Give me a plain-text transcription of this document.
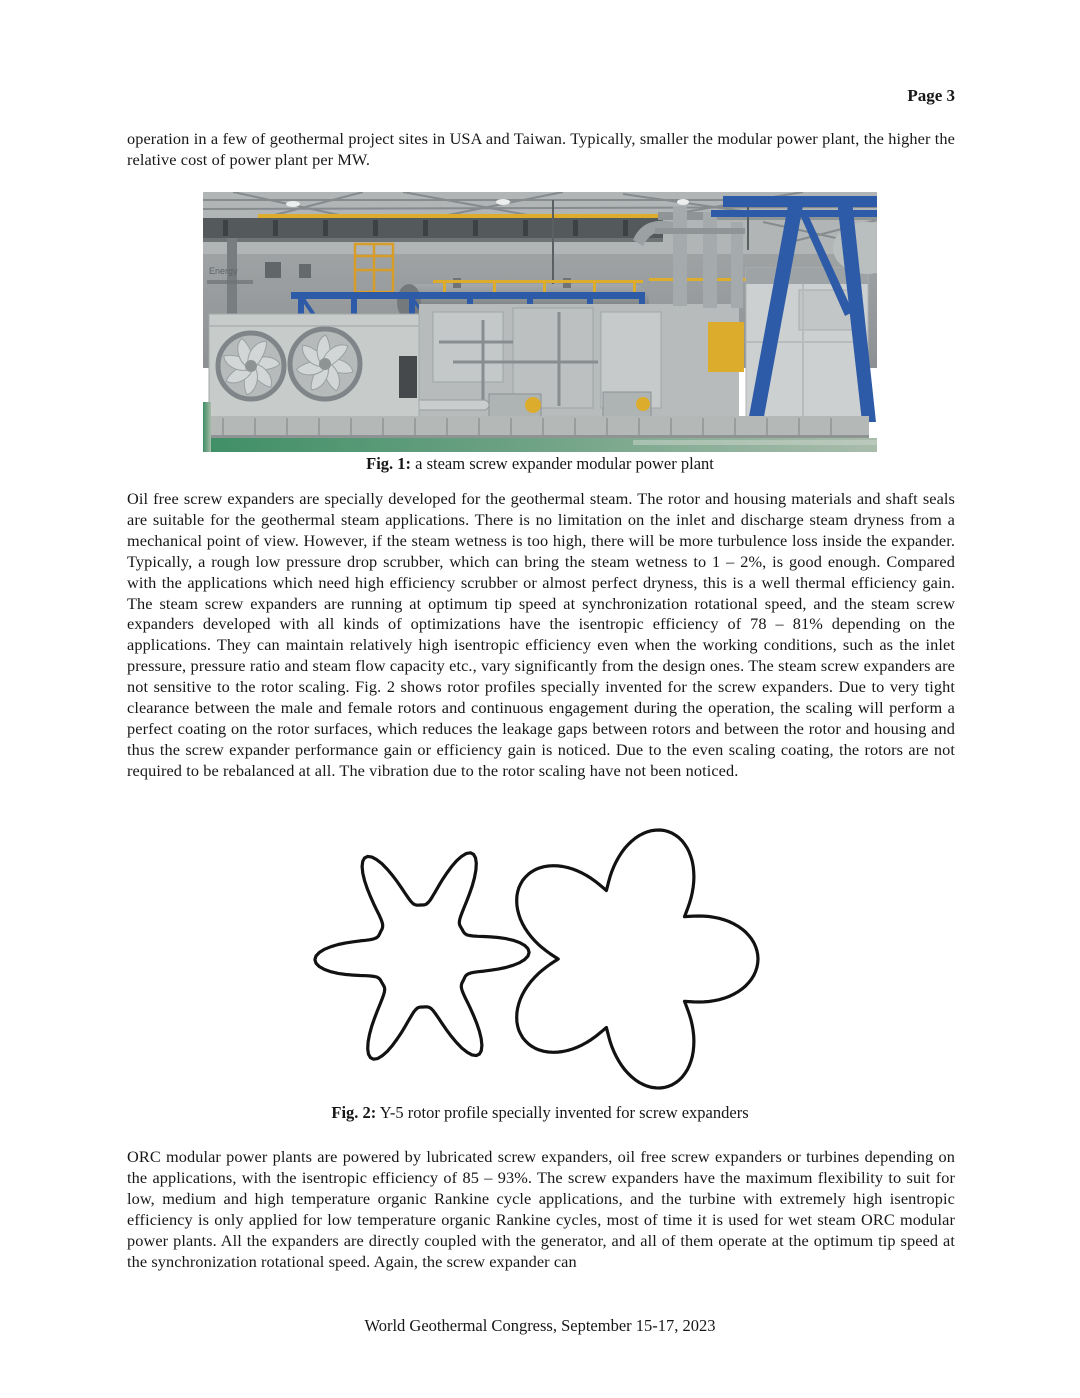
Page 3
operation in a few of geothermal project sites in USA and Taiwan. Typically, smaller the modular power plant, the higher the relative cost of power plant per MW.
Energy
Fig. 1: a steam screw expander modular power plant
Oil free screw expanders are specially developed for the geothermal steam. The rotor and housing materials and shaft seals are suitable for the geothermal steam applications. There is no limitation on the inlet and discharge steam dryness from a mechanical point of view. However, if the steam wetness is too high, there will be more turbulence loss inside the expander. Typically, a rough low pressure drop scrubber, which can bring the steam wetness to 1 – 2%, is good enough. Compared with the applications which need high efficiency scrubber or almost perfect dryness, this is a well thermal efficiency gain. The steam screw expanders are running at optimum tip speed at synchronization rotational speed, and the steam screw expanders developed with all kinds of optimizations have the isentropic efficiency of 78 – 81% depending on the applications. They can maintain relatively high isentropic efficiency even when the working conditions, such as the inlet pressure, pressure ratio and steam flow capacity etc., vary significantly from the design ones. The steam screw expanders are not sensitive to the rotor scaling. Fig. 2 shows rotor profiles specially invented for the screw expanders. Due to very tight clearance between the male and female rotors and continuous engagement during the operation, the scaling will perform a perfect coating on the rotor surfaces, which reduces the leakage gaps between rotors and between the rotor and housing and thus the screw expander performance gain or efficiency gain is noticed. Due to the even scaling coating, the rotors are not required to be rebalanced at all. The vibration due to the rotor scaling have not been noticed.
Fig. 2: Y-5 rotor profile specially invented for screw expanders
ORC modular power plants are powered by lubricated screw expanders, oil free screw expanders or turbines depending on the applications, with the isentropic efficiency of 85 – 93%. The screw expanders have the maximum flexibility to suit for low, medium and high temperature organic Rankine cycle applications, and the turbine with extremely high isentropic efficiency is only applied for low temperature organic Rankine cycles, most of time it is used for wet steam ORC modular power plants. All the expanders are directly coupled with the generator, and all of them operate at the optimum tip speed at the synchronization rotational speed. Again, the screw expander can
World Geothermal Congress, September 15-17, 2023
